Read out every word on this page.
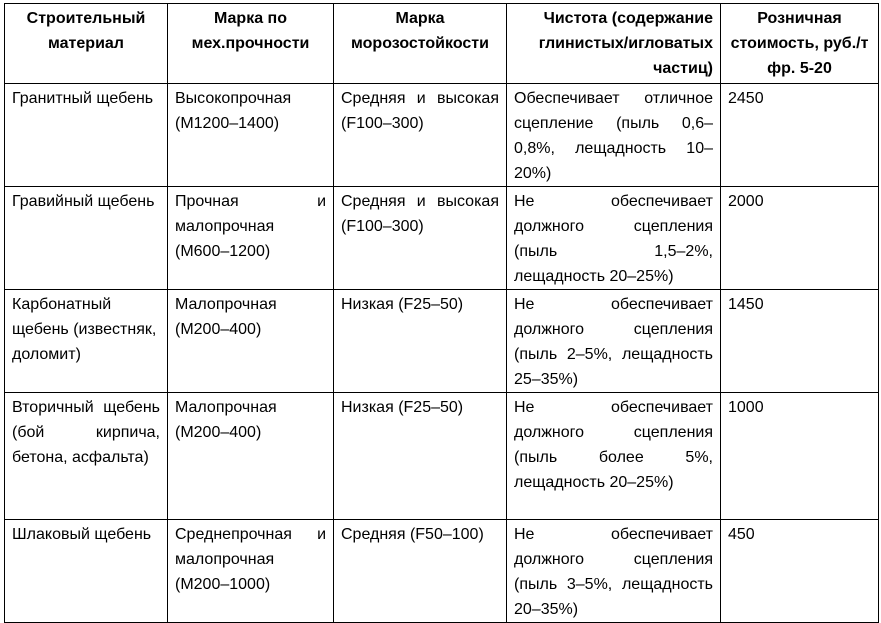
Строительный материал	Марка по мех.прочности	Марка морозостойкости	Чистота (содержание глинистых/игловатых частиц)	Розничная стоимость, руб./т фр. 5-20
Гранитный щебень	Высокопрочная (М1200–1400)	Средняя и высокая (F100–300)	Обеспечивает отличное сцепление (пыль 0,6–0,8%, лещадность 10–20%)	2450
Гравийный щебень	Прочная и малопрочная (М600–1200)	Средняя и высокая (F100–300)	Не обеспечивает должного сцепления (пыль 1,5–2%, лещадность 20–25%)	2000
Карбонатный щебень (известняк, доломит)	Малопрочная (М200–400)	Низкая (F25–50)	Не обеспечивает должного сцепления (пыль 2–5%, лещадность 25–35%)	1450
Вторичный щебень (бой кирпича, бетона, асфальта)	Малопрочная (М200–400)	Низкая (F25–50)	Не обеспечивает должного сцепления (пыль более 5%, лещадность 20–25%)	1000
Шлаковый щебень	Среднепрочная и малопрочная (М200–1000)	Средняя (F50–100)	Не обеспечивает должного сцепления (пыль 3–5%, лещадность 20–35%)	450
